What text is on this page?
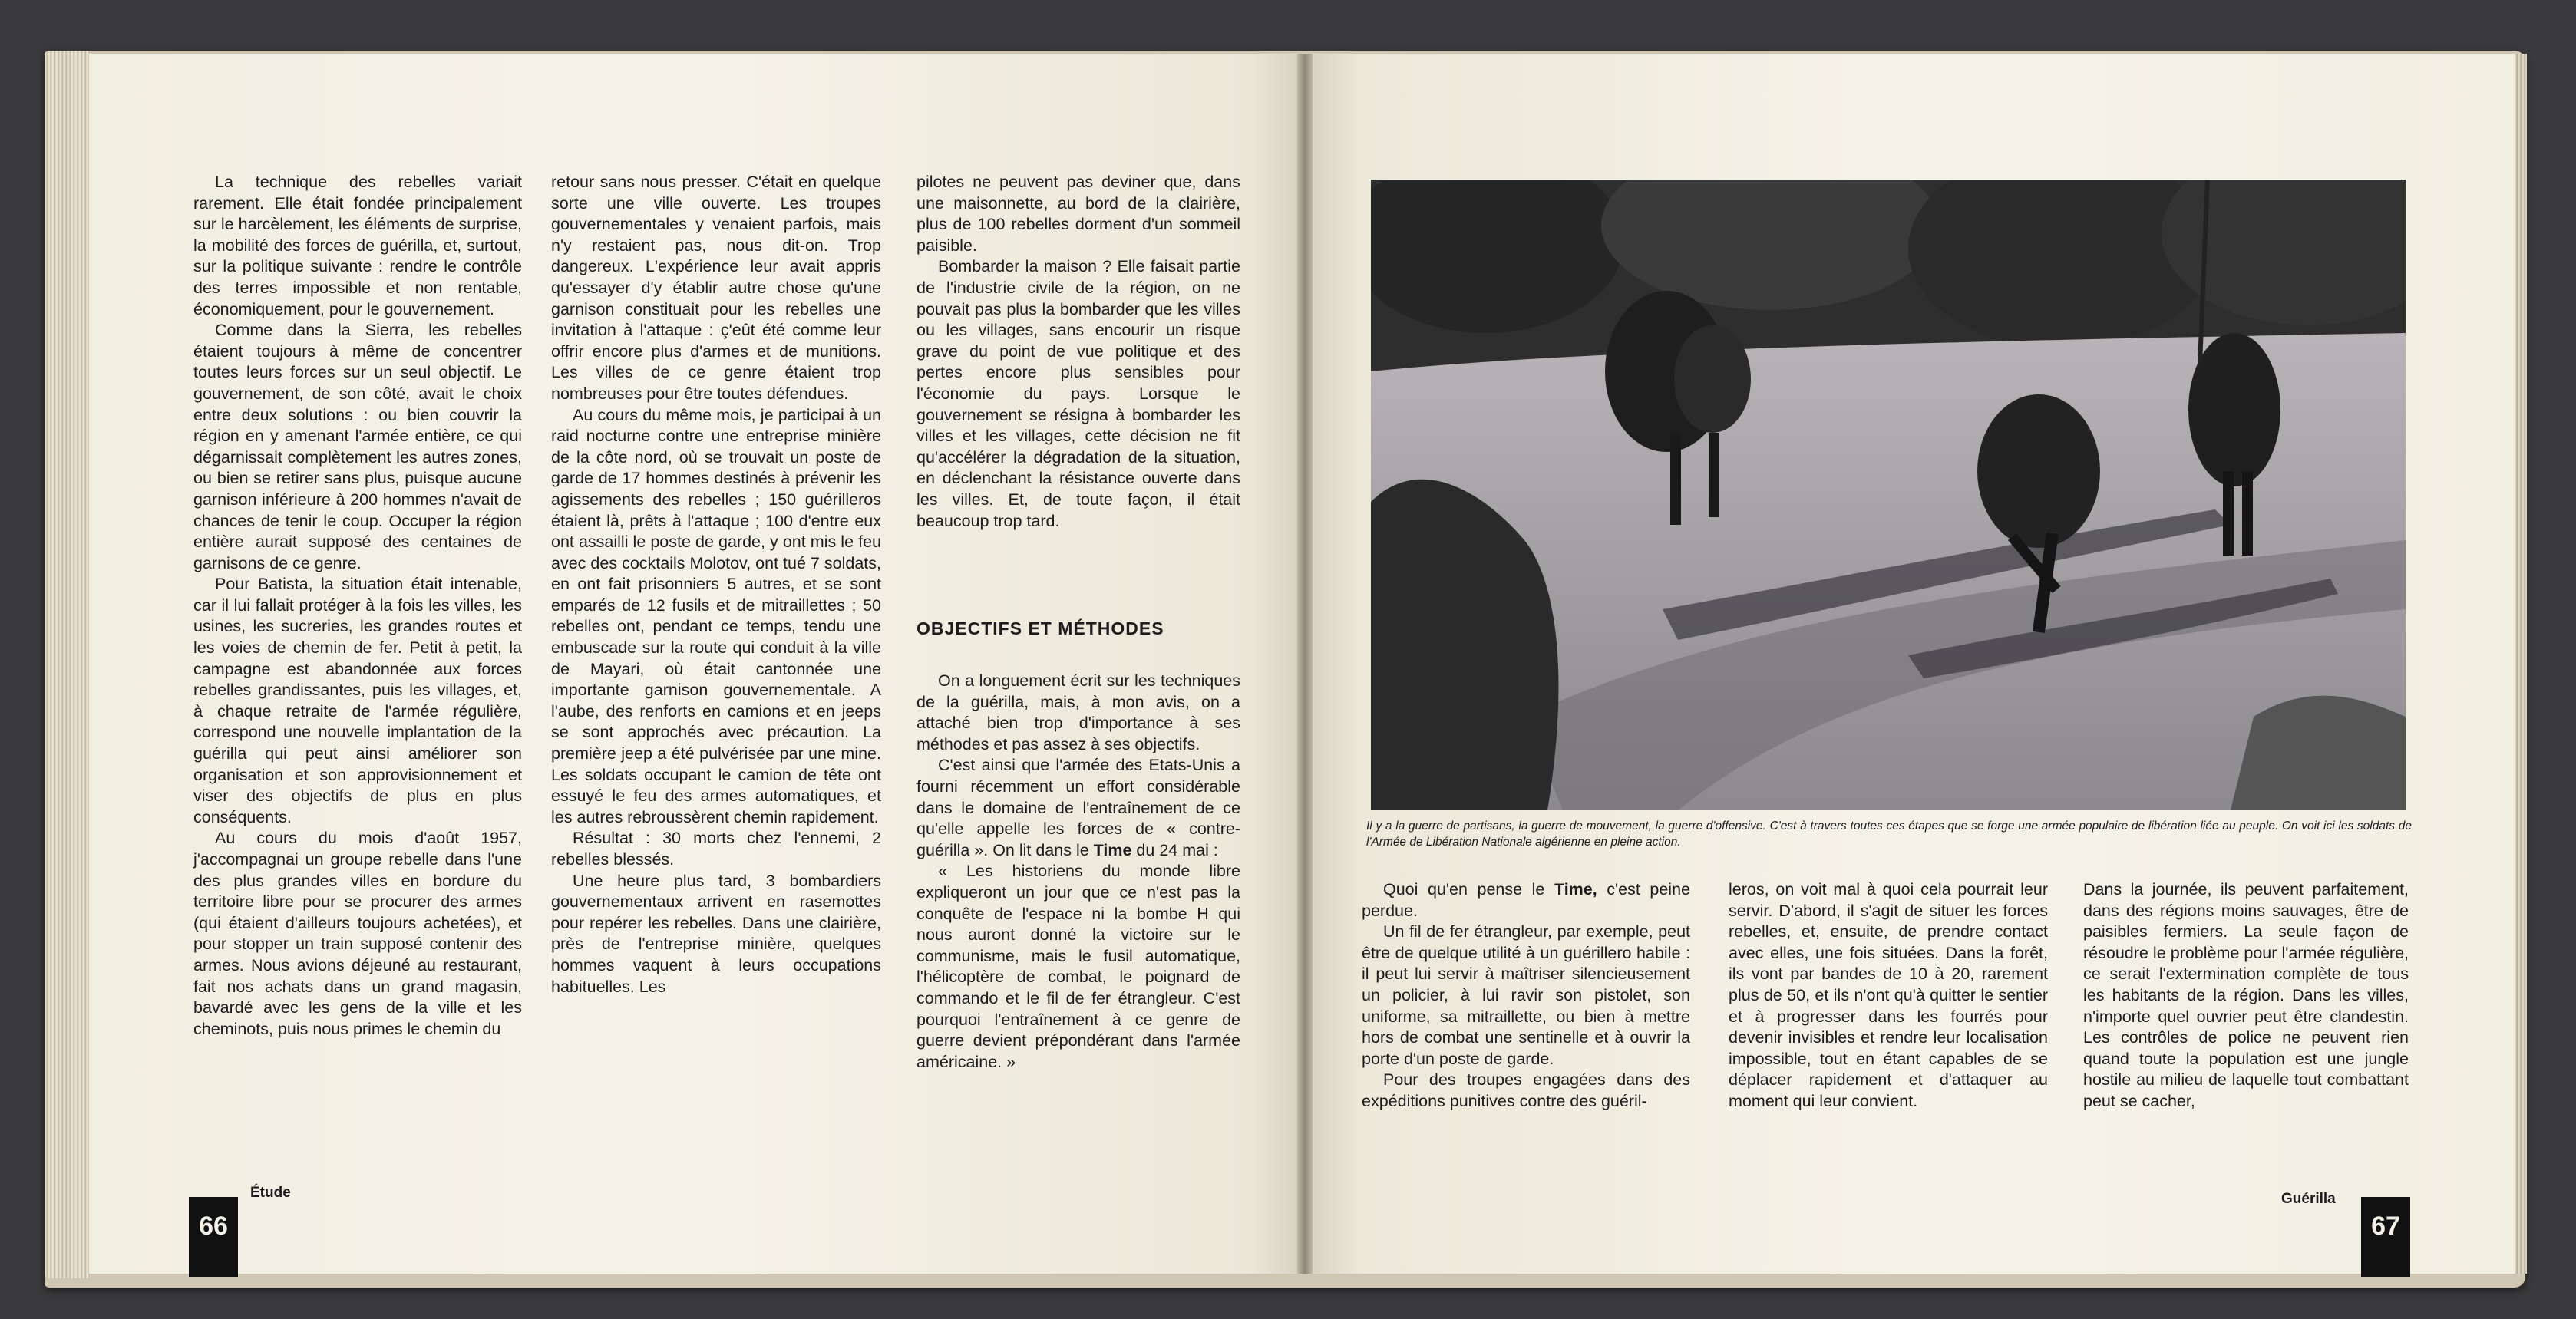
La technique des rebelles variait rarement. Elle était fondée principalement sur le harcèlement, les éléments de surprise, la mobilité des forces de guérilla, et, surtout, sur la politique suivante : rendre le contrôle des terres impossible et non rentable, économiquement, pour le gouvernement.

Comme dans la Sierra, les rebelles étaient toujours à même de concentrer toutes leurs forces sur un seul objectif. Le gouvernement, de son côté, avait le choix entre deux solutions : ou bien couvrir la région en y amenant l'armée entière, ce qui dégarnissait complètement les autres zones, ou bien se retirer sans plus, puisque aucune garnison inférieure à 200 hommes n'avait de chances de tenir le coup. Occuper la région entière aurait supposé des centaines de garnisons de ce genre.

Pour Batista, la situation était intenable, car il lui fallait protéger à la fois les villes, les usines, les sucreries, les grandes routes et les voies de chemin de fer. Petit à petit, la campagne est abandonnée aux forces rebelles grandissantes, puis les villages, et, à chaque retraite de l'armée régulière, correspond une nouvelle implantation de la guérilla qui peut ainsi améliorer son organisation et son approvisionnement et viser des objectifs de plus en plus conséquents.

Au cours du mois d'août 1957, j'accompagnai un groupe rebelle dans l'une des plus grandes villes en bordure du territoire libre pour se procurer des armes (qui étaient d'ailleurs toujours achetées), et pour stopper un train supposé contenir des armes. Nous avions déjeuné au restaurant, fait nos achats dans un grand magasin, bavardé avec les gens de la ville et les cheminots, puis nous primes le chemin du

retour sans nous presser. C'était en quelque sorte une ville ouverte. Les troupes gouvernementales y venaient parfois, mais n'y restaient pas, nous dit-on. Trop dangereux. L'expérience leur avait appris qu'essayer d'y établir autre chose qu'une garnison constituait pour les rebelles une invitation à l'attaque : ç'eût été comme leur offrir encore plus d'armes et de munitions. Les villes de ce genre étaient trop nombreuses pour être toutes défendues.

Au cours du même mois, je participai à un raid nocturne contre une entreprise minière de la côte nord, où se trouvait un poste de garde de 17 hommes destinés à prévenir les agissements des rebelles ; 150 guérilleros étaient là, prêts à l'attaque ; 100 d'entre eux ont assailli le poste de garde, y ont mis le feu avec des cocktails Molotov, ont tué 7 soldats, en ont fait prisonniers 5 autres, et se sont emparés de 12 fusils et de mitraillettes ; 50 rebelles ont, pendant ce temps, tendu une embuscade sur la route qui conduit à la ville de Mayari, où était cantonnée une importante garnison gouvernementale. A l'aube, des renforts en camions et en jeeps se sont approchés avec précaution. La première jeep a été pulvérisée par une mine. Les soldats occupant le camion de tête ont essuyé le feu des armes automatiques, et les autres rebroussèrent chemin rapidement.

Résultat : 30 morts chez l'ennemi, 2 rebelles blessés.

Une heure plus tard, 3 bombardiers gouvernementaux arrivent en rasemottes pour repérer les rebelles. Dans une clairière, près de l'entreprise minière, quelques hommes vaquent à leurs occupations habituelles. Les

pilotes ne peuvent pas deviner que, dans une maisonnette, au bord de la clairière, plus de 100 rebelles dorment d'un sommeil paisible.

Bombarder la maison ? Elle faisait partie de l'industrie civile de la région, on ne pouvait pas plus la bombarder que les villes ou les villages, sans encourir un risque grave du point de vue politique et des pertes encore plus sensibles pour l'économie du pays. Lorsque le gouvernement se résigna à bombarder les villes et les villages, cette décision ne fit qu'accélérer la dégradation de la situation, en déclenchant la résistance ouverte dans les villes. Et, de toute façon, il était beaucoup trop tard.

OBJECTIFS ET MÉTHODES

On a longuement écrit sur les techniques de la guérilla, mais, à mon avis, on a attaché bien trop d'importance à ses méthodes et pas assez à ses objectifs.

C'est ainsi que l'armée des Etats-Unis a fourni récemment un effort considérable dans le domaine de l'entraînement de ce qu'elle appelle les forces de « contre-guérilla ». On lit dans le Time du 24 mai :

« Les historiens du monde libre expliqueront un jour que ce n'est pas la conquête de l'espace ni la bombe H qui nous auront donné la victoire sur le communisme, mais le fusil automatique, l'hélicoptère de combat, le poignard de commando et le fil de fer étrangleur. C'est pourquoi l'entraînement à ce genre de guerre devient prépondérant dans l'armée américaine. »

66
Étude
Il y a la guerre de partisans, la guerre de mouvement, la guerre d'offensive. C'est à travers toutes ces étapes que se forge une armée populaire de libération liée au peuple. On voit ici les soldats de l'Armée de Libération Nationale algérienne en pleine action.

Quoi qu'en pense le Time, c'est peine perdue.

Un fil de fer étrangleur, par exemple, peut être de quelque utilité à un guérillero habile : il peut lui servir à maîtriser silencieusement un policier, à lui ravir son pistolet, son uniforme, sa mitraillette, ou bien à mettre hors de combat une sentinelle et à ouvrir la porte d'un poste de garde.

Pour des troupes engagées dans des expéditions punitives contre des guéril-

leros, on voit mal à quoi cela pourrait leur servir. D'abord, il s'agit de situer les forces rebelles, et, ensuite, de prendre contact avec elles, une fois situées. Dans la forêt, ils vont par bandes de 10 à 20, rarement plus de 50, et ils n'ont qu'à quitter le sentier et à progresser dans les fourrés pour devenir invisibles et rendre leur localisation impossible, tout en étant capables de se déplacer rapidement et d'attaquer au moment qui leur convient.

Dans la journée, ils peuvent parfaitement, dans des régions moins sauvages, être de paisibles fermiers. La seule façon de résoudre le problème pour l'armée régulière, ce serait l'extermination complète de tous les habitants de la région. Dans les villes, n'importe quel ouvrier peut être clandestin. Les contrôles de police ne peuvent rien quand toute la population est une jungle hostile au milieu de laquelle tout combattant peut se cacher,

Guérilla
67
